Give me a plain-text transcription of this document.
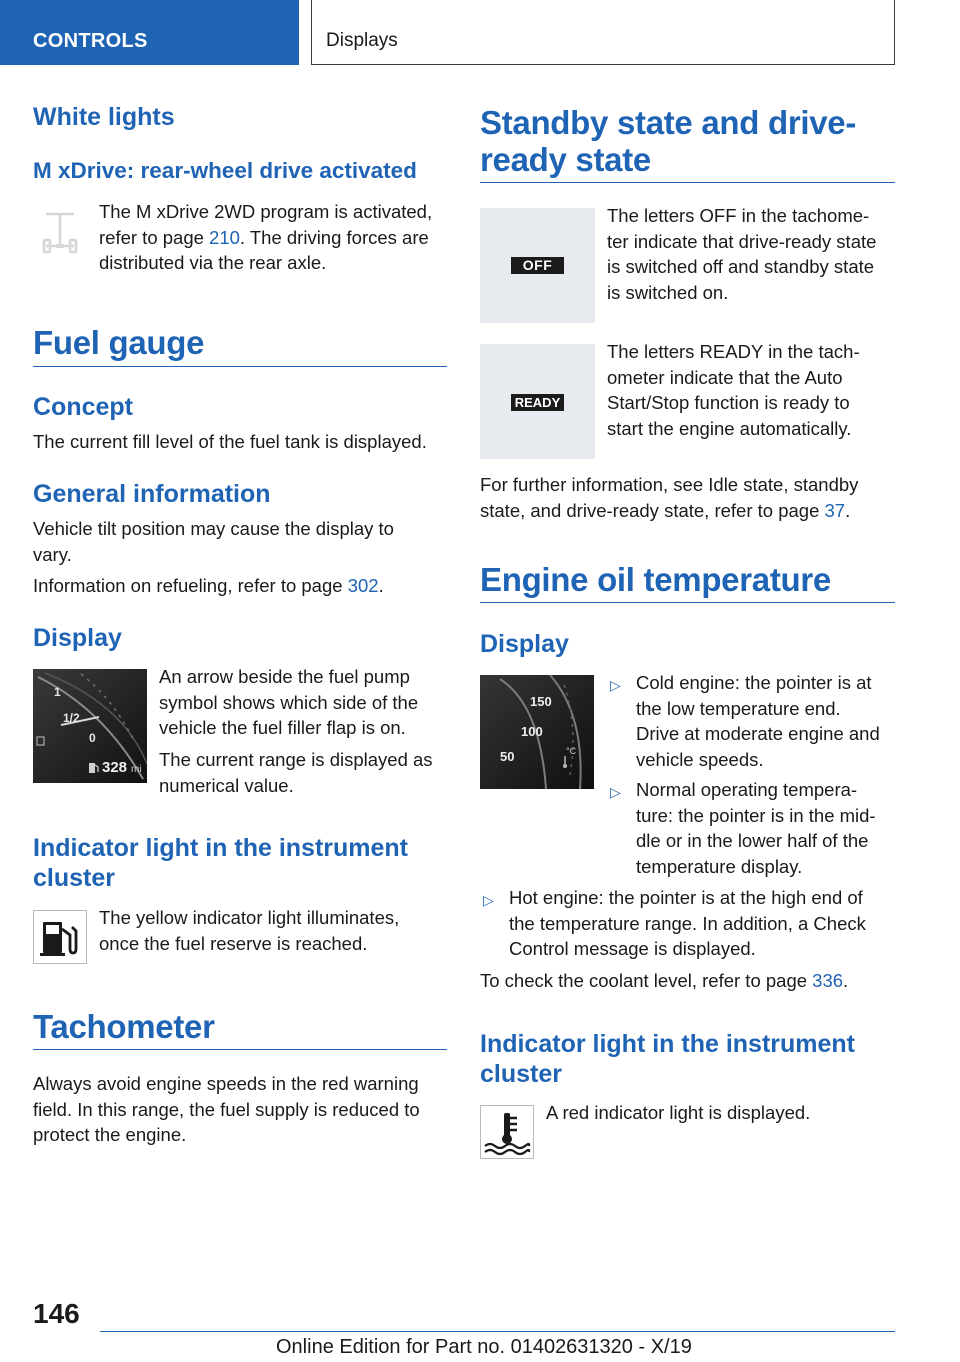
CONTROLS	Displays
White lights
M xDrive: rear-wheel drive activated
The M xDrive 2WD program is activated,
refer to page 210. The driving forces are
distributed via the rear axle.
Fuel gauge
Concept
The current fill level of the fuel tank is displayed.
General information
Vehicle tilt position may cause the display to
vary.
Information on refueling, refer to page 302.
Display
1
1/2
0
328 mi
An arrow beside the fuel pump
symbol shows which side of the
vehicle the fuel filler flap is on.
The current range is displayed as
numerical value.
Indicator light in the instrument
cluster
The yellow indicator light illuminates,
once the fuel reserve is reached.
Tachometer
Always avoid engine speeds in the red warning
field. In this range, the fuel supply is reduced to
protect the engine.
Standby state and drive-
ready state
OFF
The letters OFF in the tachome-
ter indicate that drive-ready state
is switched off and standby state
is switched on.
READY
The letters READY in the tach-
ometer indicate that the Auto
Start/Stop function is ready to
start the engine automatically.
For further information, see Idle state, standby
state, and drive-ready state, refer to page 37.
Engine oil temperature
Display
150
100
50	°C
▷ Cold engine: the pointer is at
the low temperature end.
Drive at moderate engine and
vehicle speeds.
▷ Normal operating tempera-
ture: the pointer is in the mid-
dle or in the lower half of the
temperature display.
▷ Hot engine: the pointer is at the high end of
the temperature range. In addition, a Check
Control message is displayed.
To check the coolant level, refer to page 336.
Indicator light in the instrument
cluster
A red indicator light is displayed.
146
Online Edition for Part no. 01402631320 - X/19
